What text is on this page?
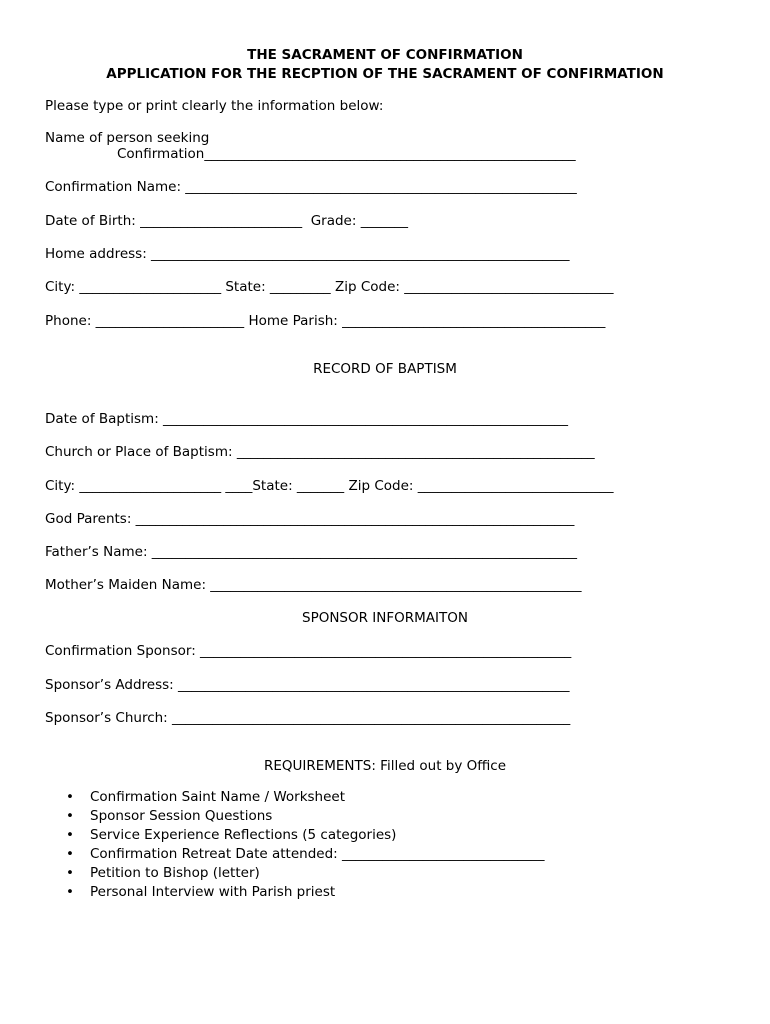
THE SACRAMENT OF CONFIRMATION
APPLICATION FOR THE RECPTION OF THE SACRAMENT OF CONFIRMATION
Please type or print clearly the information below:
Name of person seeking
Confirmation_______________________________________________________
Confirmation Name: __________________________________________________________
Date of Birth: ________________________  Grade: _______
Home address: ______________________________________________________________
City: _____________________ State: _________ Zip Code: _______________________________
Phone: ______________________ Home Parish: _______________________________________
RECORD OF BAPTISM
Date of Baptism: ____________________________________________________________
Church or Place of Baptism: _____________________________________________________
City: _____________________ ____State: _______ Zip Code: _____________________________
God Parents: _________________________________________________________________
Father’s Name: _______________________________________________________________
Mother’s Maiden Name: _______________________________________________________
SPONSOR INFORMAITON
Confirmation Sponsor: _______________________________________________________
Sponsor’s Address: __________________________________________________________
Sponsor’s Church: ___________________________________________________________
REQUIREMENTS: Filled out by Office

•

	Confirmation Saint Name / Worksheet

•

	Sponsor Session Questions

•

	Service Experience Reflections (5 categories)

•

	Confirmation Retreat Date attended: ______________________________

•

	Petition to Bishop (letter)

•

	Personal Interview with Parish priest
